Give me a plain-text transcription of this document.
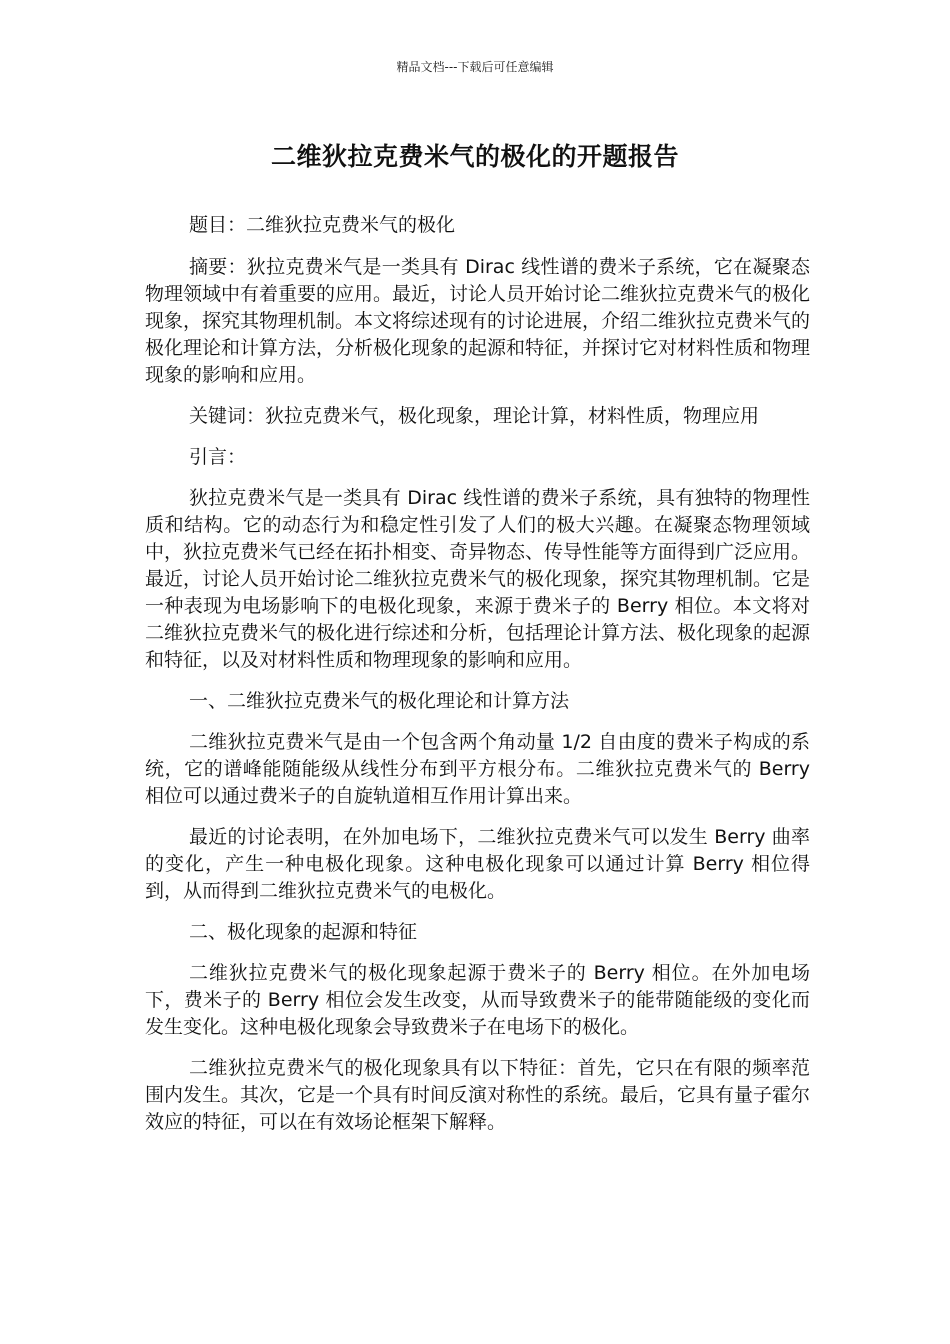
精品文档---下载后可任意编辑
二维狄拉克费米气的极化的开题报告

题目：二维狄拉克费米气的极化

摘要：狄拉克费米气是一类具有 Dirac 线性谱的费米子系统，它在凝聚态物理领域中有着重要的应用。最近，讨论人员开始讨论二维狄拉克费米气的极化现象，探究其物理机制。本文将综述现有的讨论进展，介绍二维狄拉克费米气的极化理论和计算方法，分析极化现象的起源和特征，并探讨它对材料性质和物理现象的影响和应用。

关键词：狄拉克费米气，极化现象，理论计算，材料性质，物理应用

引言：

狄拉克费米气是一类具有 Dirac 线性谱的费米子系统，具有独特的物理性质和结构。它的动态行为和稳定性引发了人们的极大兴趣。在凝聚态物理领域中，狄拉克费米气已经在拓扑相变、奇异物态、传导性能等方面得到广泛应用。最近，讨论人员开始讨论二维狄拉克费米气的极化现象，探究其物理机制。它是一种表现为电场影响下的电极化现象，来源于费米子的 Berry 相位。本文将对二维狄拉克费米气的极化进行综述和分析，包括理论计算方法、极化现象的起源和特征，以及对材料性质和物理现象的影响和应用。

一、二维狄拉克费米气的极化理论和计算方法

二维狄拉克费米气是由一个包含两个角动量 1/2 自由度的费米子构成的系统，它的谱峰能随能级从线性分布到平方根分布。二维狄拉克费米气的 Berry 相位可以通过费米子的自旋轨道相互作用计算出来。

最近的讨论表明，在外加电场下，二维狄拉克费米气可以发生 Berry 曲率的变化，产生一种电极化现象。这种电极化现象可以通过计算 Berry 相位得到，从而得到二维狄拉克费米气的电极化。

二、极化现象的起源和特征

二维狄拉克费米气的极化现象起源于费米子的 Berry 相位。在外加电场下，费米子的 Berry 相位会发生改变，从而导致费米子的能带随能级的变化而发生变化。这种电极化现象会导致费米子在电场下的极化。

二维狄拉克费米气的极化现象具有以下特征：首先，它只在有限的频率范围内发生。其次，它是一个具有时间反演对称性的系统。最后，它具有量子霍尔效应的特征，可以在有效场论框架下解释。
